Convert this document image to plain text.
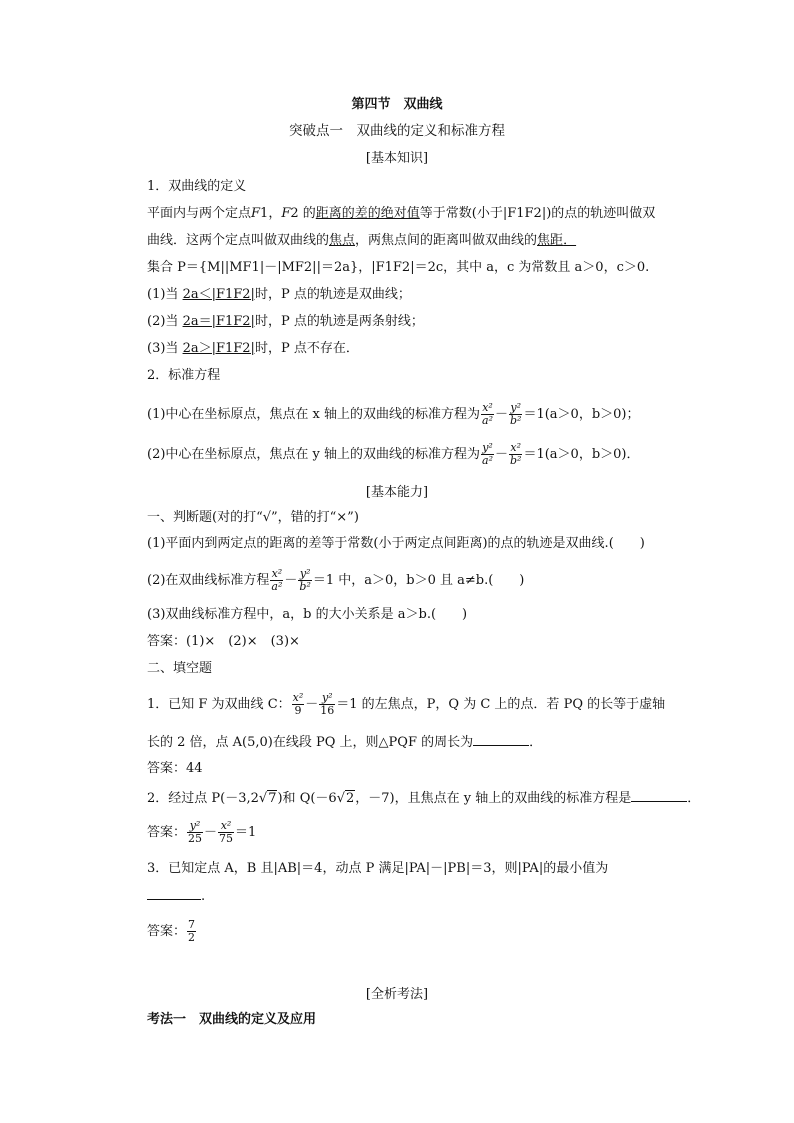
第四节　双曲线
突破点一　双曲线的定义和标准方程
[基本知识]
1．双曲线的定义
平面内与两个定点F1，F2 的距离的差的绝对值等于常数(小于|F1F2|)的点的轨迹叫做双
曲线．这两个定点叫做双曲线的焦点，两焦点间的距离叫做双曲线的焦距．
集合 P＝{M||MF1|－|MF2||＝2a}，|F1F2|＝2c，其中 a，c 为常数且 a＞0，c＞0.
(1)当 2a＜|F1F2|时，P 点的轨迹是双曲线；
(2)当 2a＝|F1F2|时，P 点的轨迹是两条射线；
(3)当 2a＞|F1F2|时，P 点不存在．
2．标准方程
(1)中心在坐标原点，焦点在 x 轴上的双曲线的标准方程为 $\frac{\text{x²}}{\text{a²}} - \frac{\text{y²}}{\text{b²}} =1(a>0$，b＞0)；
(2)中心在坐标原点，焦点在 y 轴上的双曲线的标准方程为 $\frac{\text{y²}}{\text{a²}} - \frac{\text{x²}}{\text{b²}} =1(a>0$，b＞0)．
[基本能力]
一、判断题(对的打“√”，错的打“×”)
(1)平面内到两定点的距离的差等于常数(小于两定点间距离)的点的轨迹是双曲线.(　　)
(2)在双曲线标准方程 $\frac{\text{x²}}{\text{a²}} - \frac{\text{y²}}{\text{b²}} =1$ 中，a＞0，b＞0 且 a≠b.(　　)
(3)双曲线标准方程中，a，b 的大小关系是 a＞b.(　　)
答案：(1)×　(2)×　(3)×
二、填空题
1．已知 F 为双曲线 C： $\frac{\text{x²}}{9} - \frac{\text{y²}}{16} =1$ 的左焦点，P，Q 为 C 上的点．若 PQ 的长等于虚轴
长的 2 倍，点 A(5,0)在线段 PQ 上，则△PQF 的周长为	．
答案：44
2．经过点 P(－3,2√7)和 Q(－6√2，－7)，且焦点在 y 轴上的双曲线的标准方程是	．
答案： $\frac{\text{y²}}{25} - \frac{\text{x²}}{75} =1$
3．已知定点 A，B 且|AB|＝4，动点 P 满足|PA|－|PB|＝3，则|PA|的最小值为
.
答案： $\frac{7}{2}$
[全析考法]
考法一　双曲线的定义及应用
